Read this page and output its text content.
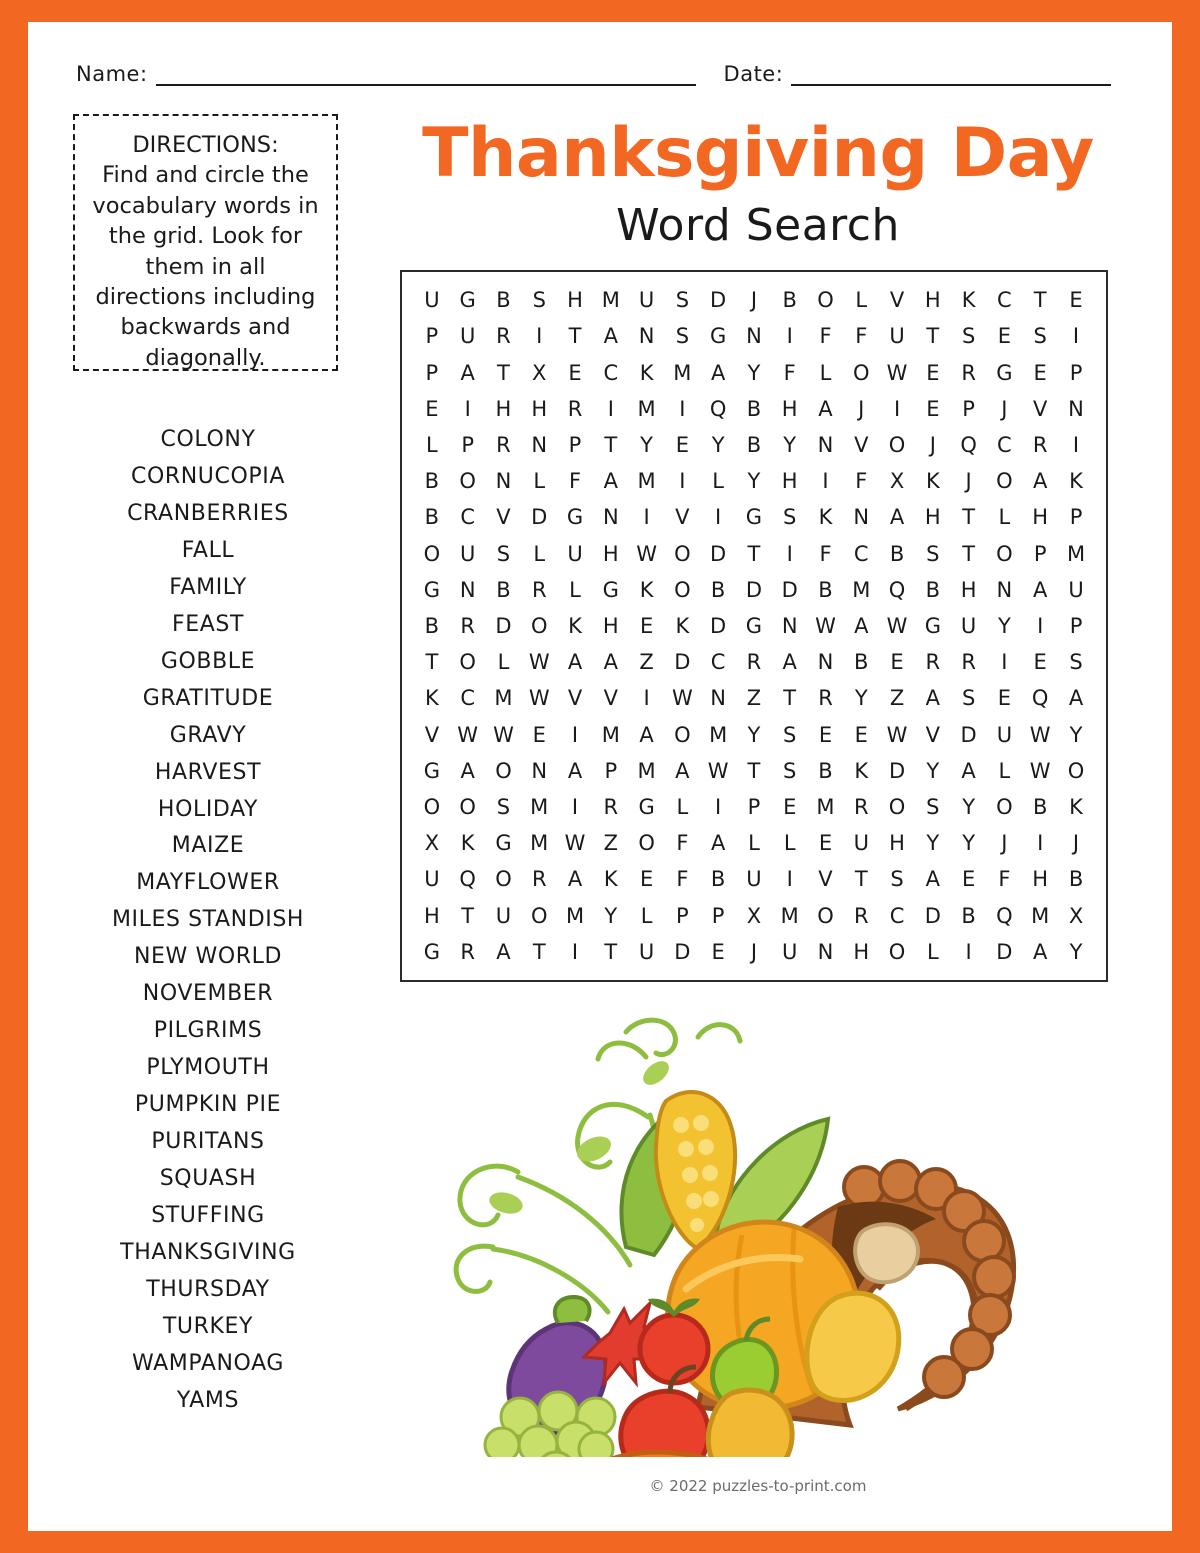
Name:	Date:
DIRECTIONS:
Find and circle the vocabulary words in the grid. Look for them in all directions including backwards and diagonally.
COLONY
CORNUCOPIA
CRANBERRIES
FALL
FAMILY
FEAST
GOBBLE
GRATITUDE
GRAVY
HARVEST
HOLIDAY
MAIZE
MAYFLOWER
MILES STANDISH
NEW WORLD
NOVEMBER
PILGRIMS
PLYMOUTH
PUMPKIN PIE
PURITANS
SQUASH
STUFFING
THANKSGIVING
THURSDAY
TURKEY
WAMPANOAG
YAMS
Thanksgiving Day
Word Search
U	G	B	S	H	M	U	S	D	J	B	O	L	V	H	K	C	T	E
P	U	R	I	T	A	N	S	G	N	I	F	F	U	T	S	E	S	I
P	A	T	X	E	C	K	M	A	Y	F	L	O	W	E	R	G	E	P
E	I	H	H	R	I	M	I	Q	B	H	A	J	I	E	P	J	V	N
L	P	R	N	P	T	Y	E	Y	B	Y	N	V	O	J	Q	C	R	I
B	O	N	L	F	A	M	I	L	Y	H	I	F	X	K	J	O	A	K
B	C	V	D	G	N	I	V	I	G	S	K	N	A	H	T	L	H	P
O	U	S	L	U	H	W	O	D	T	I	F	C	B	S	T	O	P	M
G	N	B	R	L	G	K	O	B	D	D	B	M	Q	B	H	N	A	U
B	R	D	O	K	H	E	K	D	G	N	W	A	W	G	U	Y	I	P
T	O	L	W	A	A	Z	D	C	R	A	N	B	E	R	R	I	E	S
K	C	M	W	V	V	I	W	N	Z	T	R	Y	Z	A	S	E	Q	A
V	W	W	E	I	M	A	O	M	Y	S	E	E	W	V	D	U	W	Y
G	A	O	N	A	P	M	A	W	T	S	B	K	D	Y	A	L	W	O
O	O	S	M	I	R	G	L	I	P	E	M	R	O	S	Y	O	B	K
X	K	G	M	W	Z	O	F	A	L	L	E	U	H	Y	Y	J	I	J
U	Q	O	R	A	K	E	F	B	U	I	V	T	S	A	E	F	H	B
H	T	U	O	M	Y	L	P	P	X	M	O	R	C	D	B	Q	M	X
G	R	A	T	I	T	U	D	E	J	U	N	H	O	L	I	D	A	Y
© 2022 puzzles-to-print.com
